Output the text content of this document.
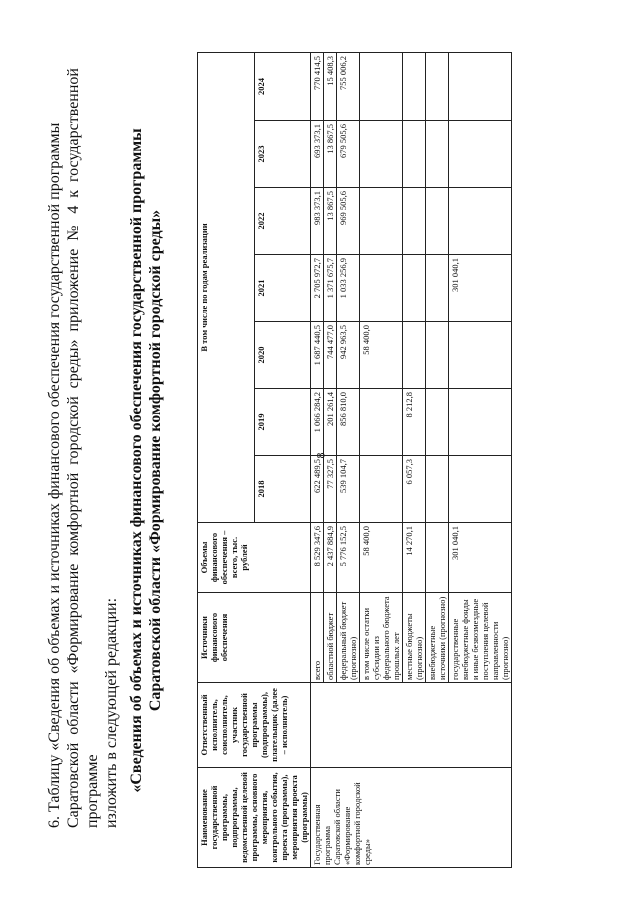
8

6. Таблицу «Сведения об объемах и источниках финансового обеспечения государственной программы Саратовской области «Формирование комфортной городской среды» приложение № 4 к государственной программе изложить в следующей редакции: «Сведения об объемах и источниках финансового обеспечения государственной программы Саратовской области «Формирование комфортной городской среды»
Наименование государственной программы, подпрограммы, ведомственной целевой программы, основного мероприятия, контрольного события, проекта (программы), мероприятия проекта (программы)	Ответственный исполнитель, соисполнитель, участник государственной программы (подпрограммы), плательщик (далее – исполнитель)	Источники финансового обеспечения	Объемы финансового обеспечения – всего, тыс. рублей	В том числе по годам реализации						
				2018	2019	2020	2021	2022	2023	2024

Государственная программа Саратовской области «Формирование комфортной городской среды»		всего	8 529 347,6	622 489,5	1 066 284,2	1 687 440,5	2 705 972,7	983 373,1	693 373,1	770 414,5
		областной бюджет	2 437 884,9	77 327,5	201 261,4	744 477,0	1 371 675,7	13 867,5	13 867,5	15 408,3
		федеральный бюджет (прогнозно)	5 776 152,5	539 104,7	856 810,0	942 963,5	1 033 256,9	969 505,6	679 505,6	755 006,2
		в том числе остатки субсидии из федерального бюджета прошлых лет	58 400,0			58 400,0				
		местные бюджеты (прогнозно)	14 270,1	6 057,3	8 212,8					
		внебюджетные источники (прогнозно)								
		государственные внебюджетные фонды и иные безвозмездные поступления целевой направленности (прогнозно)	301 040,1				301 040,1			
